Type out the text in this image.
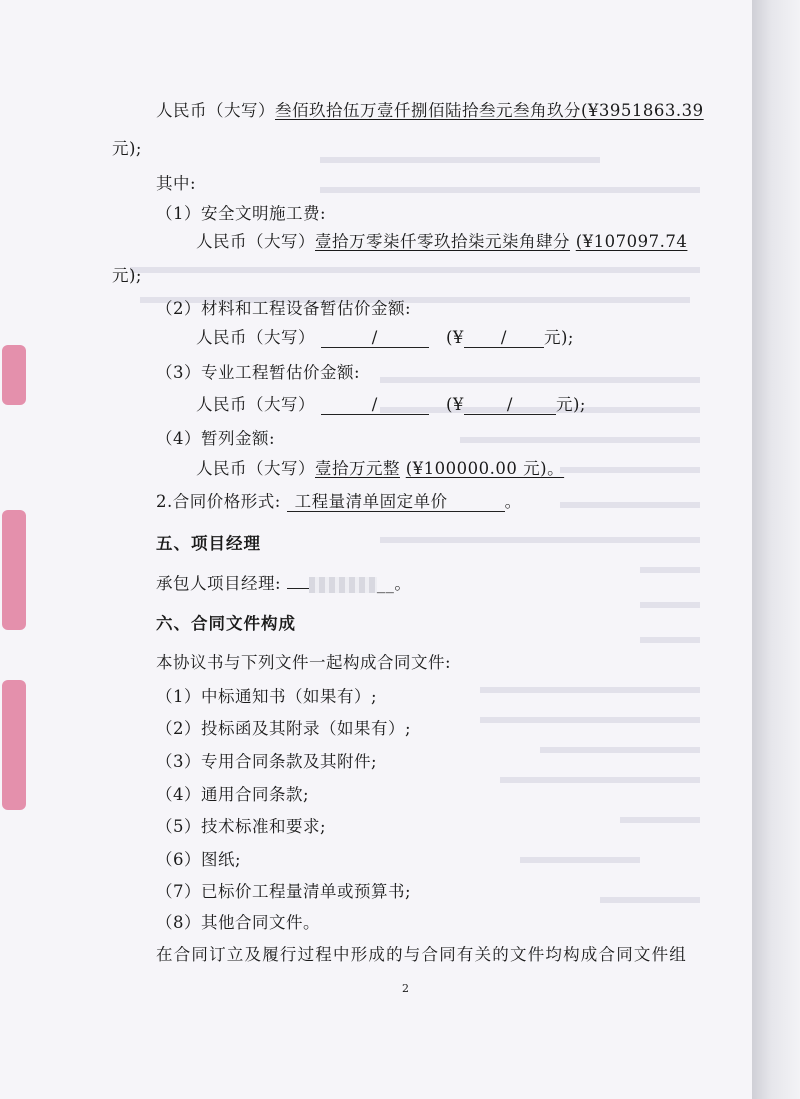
人民币（大写）叁佰玖拾伍万壹仟捌佰陆拾叁元叁角玖分(¥3951863.39
元);
其中:
（1）安全文明施工费:
人民币（大写）壹拾万零柒仟零玖拾柒元柒角肆分 (¥107097.74
元);
（2）材料和工程设备暂估价金额:
人民币（大写）	/	(¥ / 元);
（3）专业工程暂估价金额:
人民币（大写）	/	(¥	/	元);
（4）暂列金额:
人民币（大写）壹拾万元整 (¥100000.00 元)。
2.合同价格形式: 工程量清单固定单价	。
五、项目经理
承包人项目经理:	__。
六、合同文件构成
本协议书与下列文件一起构成合同文件:
（1）中标通知书（如果有）;
（2）投标函及其附录（如果有）;
（3）专用合同条款及其附件;
（4）通用合同条款;
（5）技术标准和要求;
（6）图纸;
（7）已标价工程量清单或预算书;
（8）其他合同文件。
在合同订立及履行过程中形成的与合同有关的文件均构成合同文件组
2
